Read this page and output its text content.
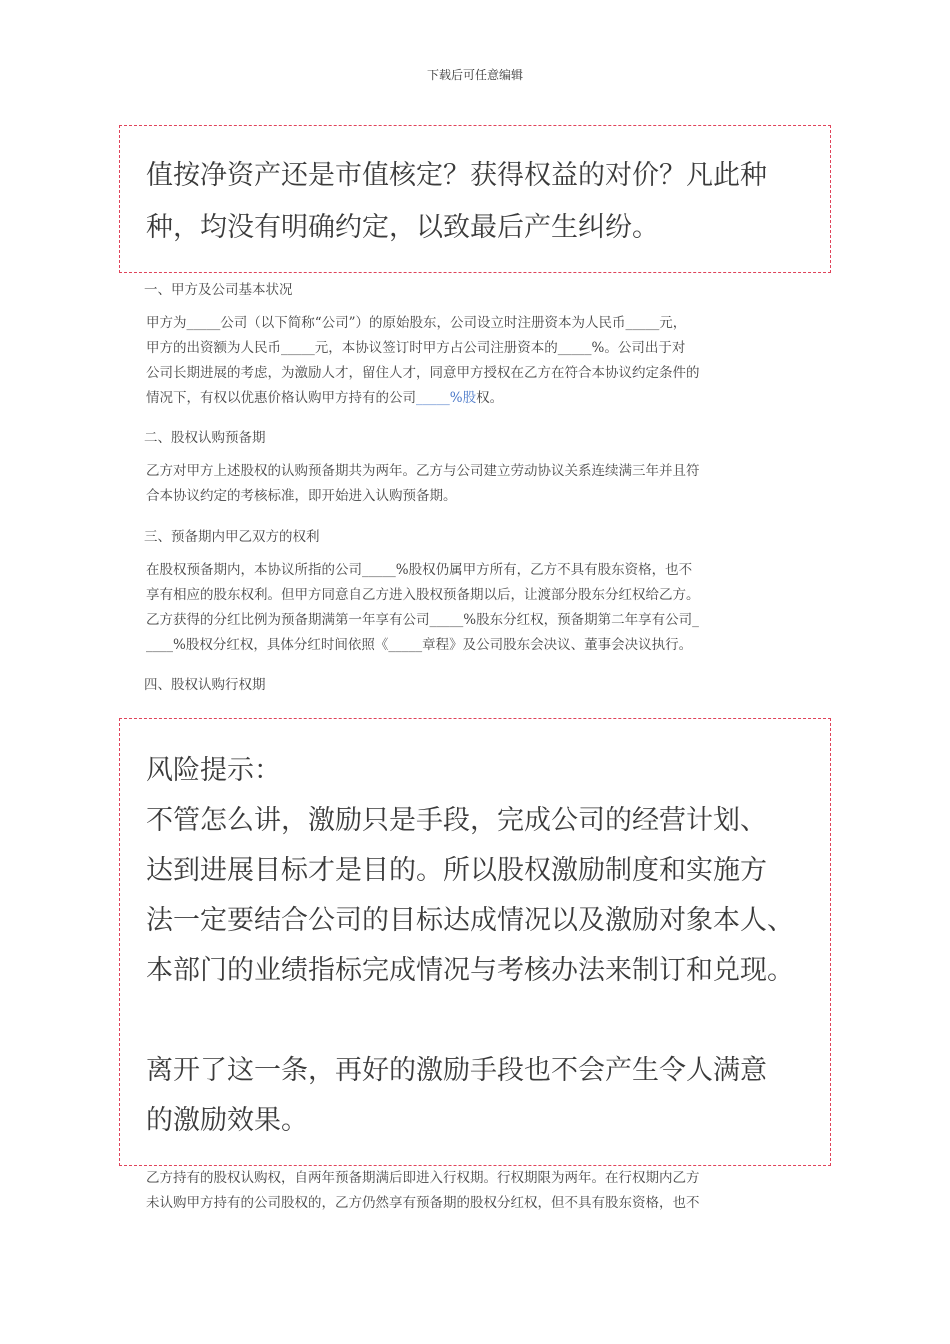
下载后可任意编辑

值按净资产还是市值核定？获得权益的对价？凡此种

种，均没有明确约定，以致最后产生纠纷。

一、甲方及公司基本状况

甲方为_____公司（以下简称“公司”）的原始股东，公司设立时注册资本为人民币_____元，
甲方的出资额为人民币_____元，本协议签订时甲方占公司注册资本的_____%。公司出于对
公司长期进展的考虑，为激励人才，留住人才，同意甲方授权在乙方在符合本协议约定条件的
情况下，有权以优惠价格认购甲方持有的公司_____%股权。

二、股权认购预备期

乙方对甲方上述股权的认购预备期共为两年。乙方与公司建立劳动协议关系连续满三年并且符
合本协议约定的考核标准，即开始进入认购预备期。

三、预备期内甲乙双方的权利

在股权预备期内，本协议所指的公司_____%股权仍属甲方所有，乙方不具有股东资格，也不
享有相应的股东权利。但甲方同意自乙方进入股权预备期以后，让渡部分股东分红权给乙方。
乙方获得的分红比例为预备期满第一年享有公司_____%股东分红权，预备期第二年享有公司_
____%股权分红权，具体分红时间依照《_____章程》及公司股东会决议、董事会决议执行。

四、股权认购行权期

风险提示：

不管怎么讲，激励只是手段，完成公司的经营计划、

达到进展目标才是目的。所以股权激励制度和实施方

法一定要结合公司的目标达成情况以及激励对象本人、

本部门的业绩指标完成情况与考核办法来制订和兑现。

离开了这一条，再好的激励手段也不会产生令人满意

的激励效果。

乙方持有的股权认购权，自两年预备期满后即进入行权期。行权期限为两年。在行权期内乙方
未认购甲方持有的公司股权的，乙方仍然享有预备期的股权分红权，但不具有股东资格，也不
